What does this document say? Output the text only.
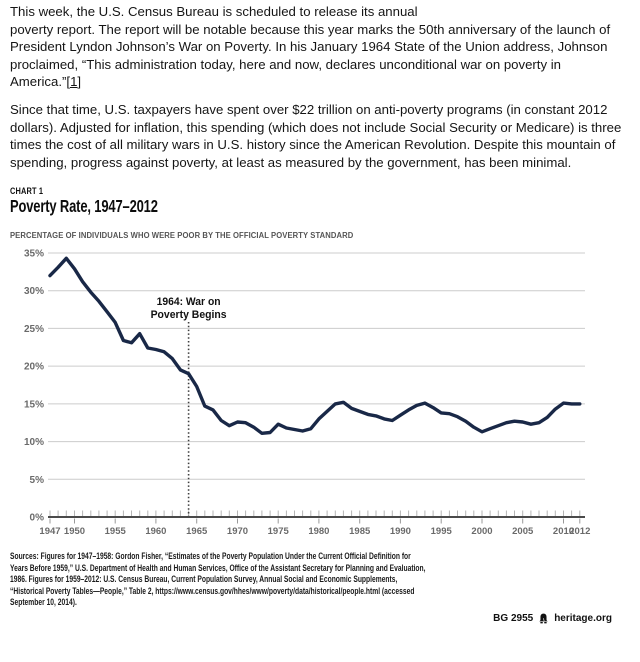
This week, the U.S. Census Bureau is scheduled to release its annual
poverty report. The report will be notable because this year marks the 50th anniversary of the launch of President Lyndon Johnson’s War on Poverty. In his January 1964 State of the Union address, Johnson proclaimed, “This administration today, here and now, declares unconditional war on poverty in America.”[1]

Since that time, U.S. taxpayers have spent over $22 trillion on anti-poverty programs (in constant 2012 dollars). Adjusted for inflation, this spending (which does not include Social Security or Medicare) is three times the cost of all military wars in U.S. history since the American Revolution. Despite this mountain of spending, progress against poverty, at least as measured by the government, has been minimal.

CHART 1
Poverty Rate, 1947–2012
PERCENTAGE OF INDIVIDUALS WHO WERE POOR BY THE OFFICIAL POVERTY STANDARD
0%
5%
10%
15%
20%
25%
30%
35%
1947 1950 1955 1960 1965 1970 1975 1980 1985 1990 1995 2000 2005 2010
2012
1964: War on
Poverty Begins
Sources: Figures for 1947–1958: Gordon Fisher, “Estimates of the Poverty Population Under the Current Official Definition for
Years Before 1959,” U.S. Department of Health and Human Services, Office of the Assistant Secretary for Planning and Evaluation,
1986. Figures for 1959–2012: U.S. Census Bureau, Current Population Survey, Annual Social and Economic Supplements,
“Historical Poverty Tables—People,” Table 2, https://www.census.gov/hhes/www/poverty/data/historical/people.html (accessed
September 10, 2014).
BG 2955 heritage.org
